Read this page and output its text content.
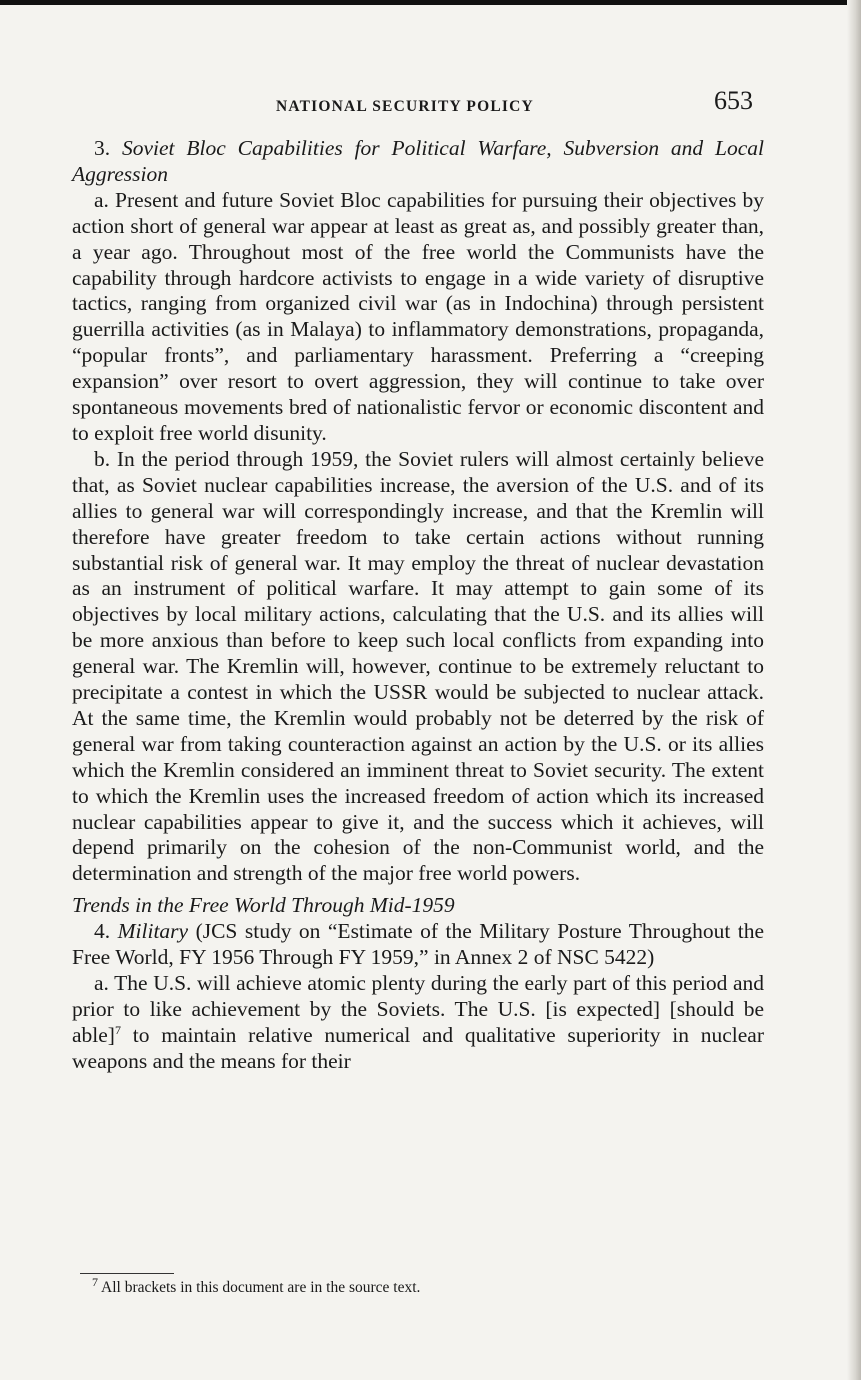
NATIONAL SECURITY POLICY	653

3. Soviet Bloc Capabilities for Political Warfare, Subversion and Local Aggression

a. Present and future Soviet Bloc capabilities for pursuing their objectives by action short of general war appear at least as great as, and possibly greater than, a year ago. Throughout most of the free world the Communists have the capability through hardcore activists to engage in a wide variety of disruptive tactics, ranging from organized civil war (as in Indochina) through persistent guerrilla activities (as in Malaya) to inflammatory demonstrations, propaganda, “popular fronts”, and parliamentary harassment. Preferring a “creeping expansion” over resort to overt aggression, they will continue to take over spontaneous movements bred of nationalistic fervor or economic discontent and to exploit free world disunity.

b. In the period through 1959, the Soviet rulers will almost certainly believe that, as Soviet nuclear capabilities increase, the aversion of the U.S. and of its allies to general war will correspondingly increase, and that the Kremlin will therefore have greater freedom to take certain actions without running substantial risk of general war. It may employ the threat of nuclear devastation as an instrument of political warfare. It may attempt to gain some of its objectives by local military actions, calculating that the U.S. and its allies will be more anxious than before to keep such local conflicts from expanding into general war. The Kremlin will, however, continue to be extremely reluctant to precipitate a contest in which the USSR would be subjected to nuclear attack. At the same time, the Kremlin would probably not be deterred by the risk of general war from taking counteraction against an action by the U.S. or its allies which the Kremlin considered an imminent threat to Soviet security. The extent to which the Kremlin uses the increased freedom of action which its increased nuclear capabilities appear to give it, and the success which it achieves, will depend primarily on the cohesion of the non-Communist world, and the determination and strength of the major free world powers.

Trends in the Free World Through Mid-1959

4. Military (JCS study on “Estimate of the Military Posture Throughout the Free World, FY 1956 Through FY 1959,” in Annex 2 of NSC 5422)

a. The U.S. will achieve atomic plenty during the early part of this period and prior to like achievement by the Soviets. The U.S. [is expected] [should be able]$^7$ to maintain relative numerical and qualitative superiority in nuclear weapons and the means for their

$^7$ All brackets in this document are in the source text.
